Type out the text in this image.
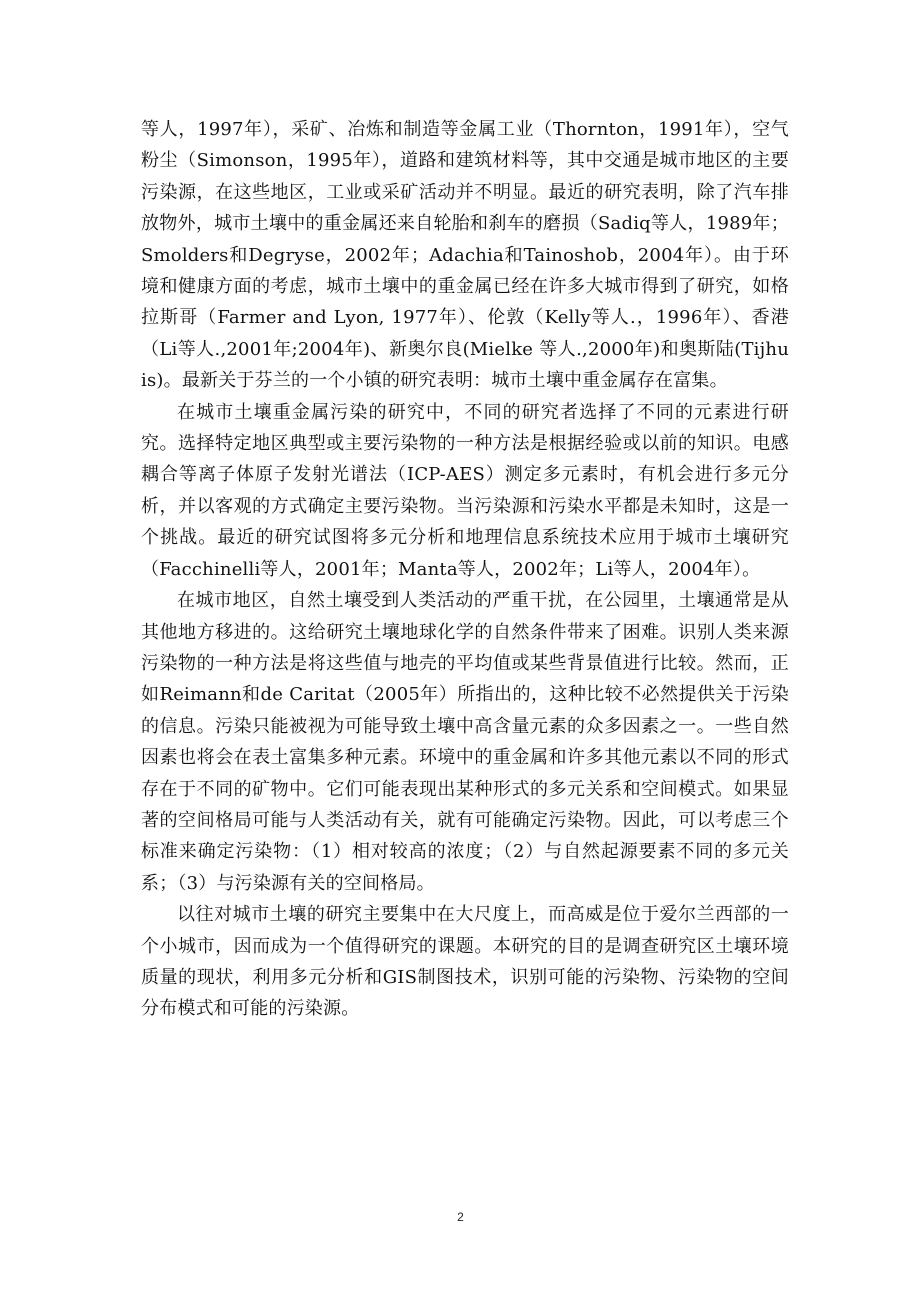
等人，1997年），采矿、冶炼和制造等金属工业（Thornton，1991年），空气粉尘（Simonson，1995年），道路和建筑材料等，其中交通是城市地区的主要污染源，在这些地区，工业或采矿活动并不明显。最近的研究表明，除了汽车排放物外，城市土壤中的重金属还来自轮胎和刹车的磨损（Sadiq等人，1989年；Smolders和Degryse，2002年；Adachia和Tainoshob，2004年）。由于环境和健康方面的考虑，城市土壤中的重金属已经在许多大城市得到了研究，如格拉斯哥（Farmer and Lyon, 1977年）、伦敦（Kelly等人.，1996年）、香港（Li等人.,2001年;2004年)、新奥尔良(Mielke 等人.,2000年)和奥斯陆(Tijhuis)。最新关于芬兰的一个小镇的研究表明：城市土壤中重金属存在富集。

在城市土壤重金属污染的研究中，不同的研究者选择了不同的元素进行研究。选择特定地区典型或主要污染物的一种方法是根据经验或以前的知识。电感耦合等离子体原子发射光谱法（ICP-AES）测定多元素时，有机会进行多元分析，并以客观的方式确定主要污染物。当污染源和污染水平都是未知时，这是一个挑战。最近的研究试图将多元分析和地理信息系统技术应用于城市土壤研究（Facchinelli等人，2001年；Manta等人，2002年；Li等人，2004年）。

在城市地区，自然土壤受到人类活动的严重干扰，在公园里，土壤通常是从其他地方移进的。这给研究土壤地球化学的自然条件带来了困难。识别人类来源污染物的一种方法是将这些值与地壳的平均值或某些背景值进行比较。然而，正如Reimann和de Caritat（2005年）所指出的，这种比较不必然提供关于污染的信息。污染只能被视为可能导致土壤中高含量元素的众多因素之一。一些自然因素也将会在表土富集多种元素。环境中的重金属和许多其他元素以不同的形式存在于不同的矿物中。它们可能表现出某种形式的多元关系和空间模式。如果显著的空间格局可能与人类活动有关，就有可能确定污染物。因此，可以考虑三个标准来确定污染物：（1）相对较高的浓度；（2）与自然起源要素不同的多元关系；（3）与污染源有关的空间格局。

以往对城市土壤的研究主要集中在大尺度上，而高威是位于爱尔兰西部的一个小城市，因而成为一个值得研究的课题。本研究的目的是调查研究区土壤环境质量的现状，利用多元分析和GIS制图技术，识别可能的污染物、污染物的空间分布模式和可能的污染源。

2
